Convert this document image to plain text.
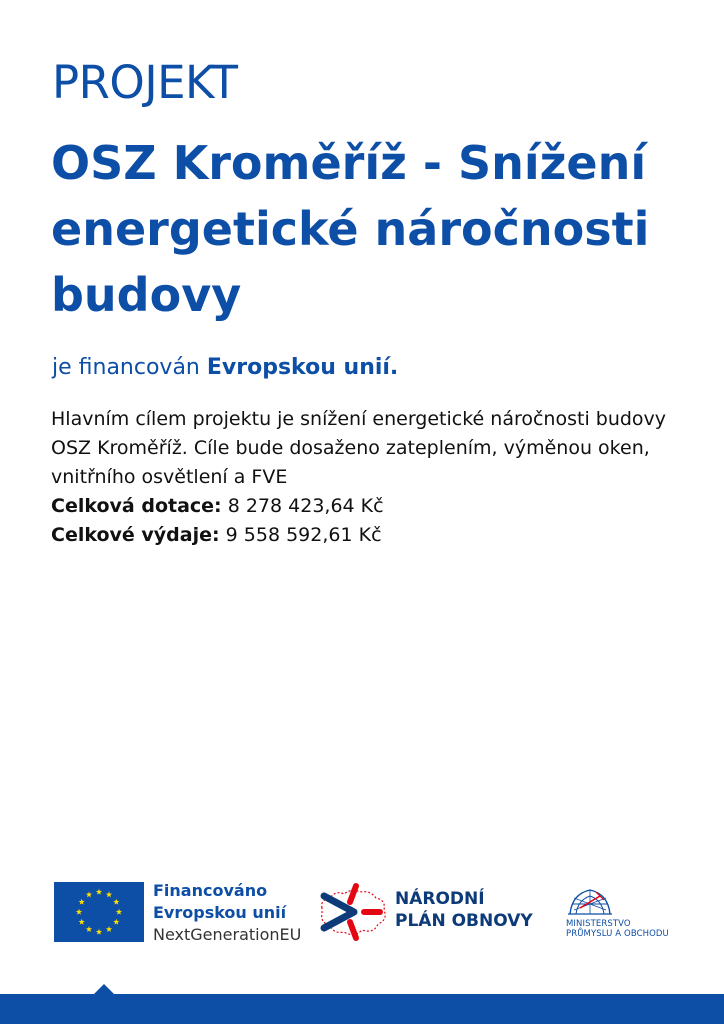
PROJEKT
OSZ Kroměříž - Snížení energetické náročnosti budovy

je financován Evropskou unií.

Hlavním cílem projektu je snížení energetické náročnosti budovy OSZ Kroměříž. Cíle bude dosaženo zateplením, výměnou oken, vnitřního osvětlení a FVE

Celková dotace: 8 278 423,64 Kč

Celkové výdaje: 9 558 592,61 Kč

Financováno
Evropskou unií
NextGenerationEU
NÁRODNÍ
PLÁN OBNOVY	MINISTERSTVO
PRŮMYSLU A OBCHODU
